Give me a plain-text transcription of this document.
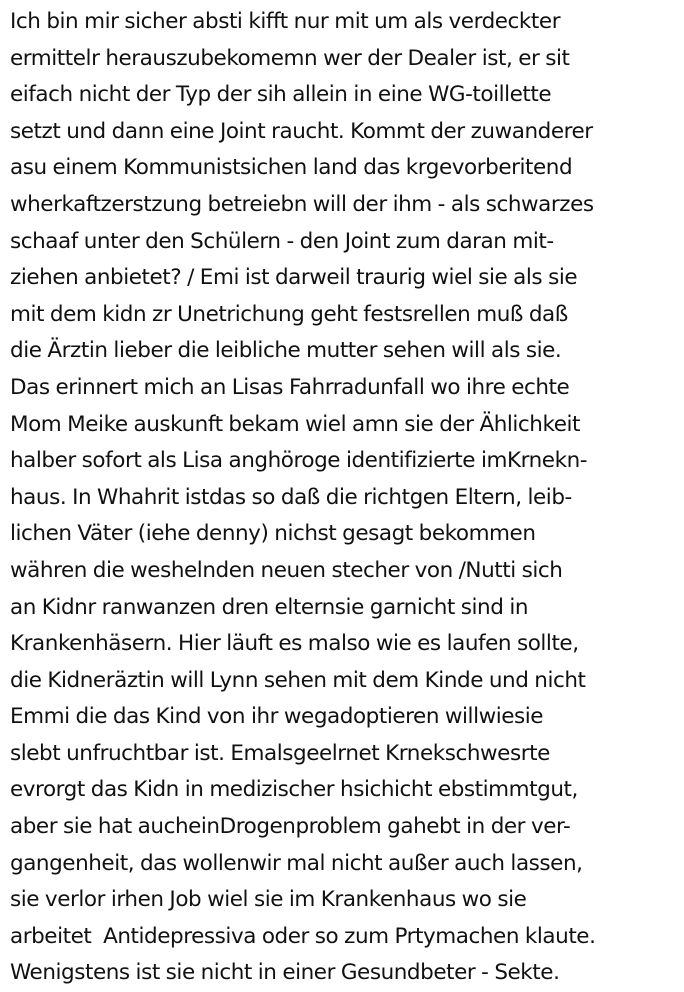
Ich bin mir sicher absti kifft nur mit um als verdeckter
ermittelr herauszubekomemn wer der Dealer ist, er sit
eifach nicht der Typ der sih allein in eine WG-toillette
setzt und dann eine Joint raucht. Kommt der zuwanderer
asu einem Kommunistsichen land das krgevorberitend
wherkaftzerstzung betreiebn will der ihm - als schwarzes
schaaf unter den Schülern - den Joint zum daran mit-
ziehen anbietet? / Emi ist darweil traurig wiel sie als sie
mit dem kidn zr Unetrichung geht festsrellen muß daß
die Ärztin lieber die leibliche mutter sehen will als sie.
Das erinnert mich an Lisas Fahrradunfall wo ihre echte
Mom Meike auskunft bekam wiel amn sie der Ählichkeit
halber sofort als Lisa anghöroge identifizierte imKrnekn-
haus. In Whahrit istdas so daß die richtgen Eltern, leib-
lichen Väter (iehe denny) nichst gesagt bekommen
währen die weshelnden neuen stecher von /Nutti sich
an Kidnr ranwanzen dren elternsie garnicht sind in
Krankenhäsern. Hier läuft es malso wie es laufen sollte,
die Kidneräztin will Lynn sehen mit dem Kinde und nicht
Emmi die das Kind von ihr wegadoptieren willwiesie
slebt unfruchtbar ist. Emalsgeelrnet Krnekschwesrte
evrorgt das Kidn in medizischer hsichicht ebstimmtgut,
aber sie hat aucheinDrogenproblem gahebt in der ver-
gangenheit, das wollenwir mal nicht außer auch lassen,
sie verlor irhen Job wiel sie im Krankenhaus wo sie
arbeitet  Antidepressiva oder so zum Prtymachen klaute.
Wenigstens ist sie nicht in einer Gesundbeter - Sekte.
